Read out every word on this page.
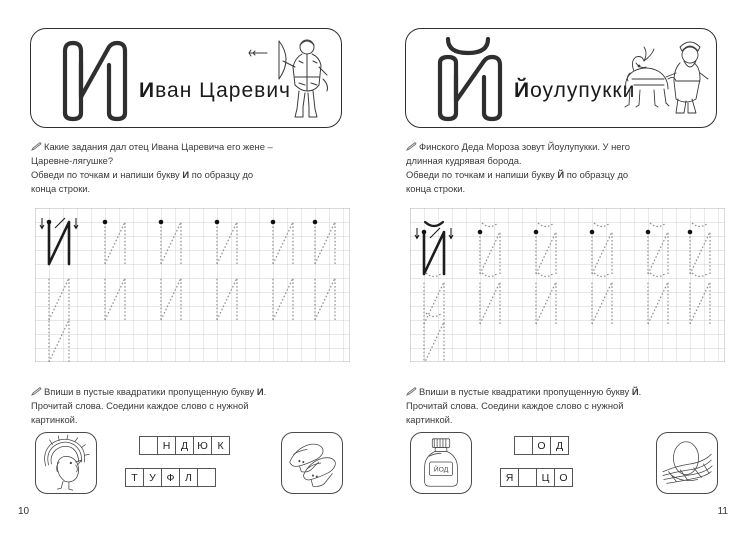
Иван Царевич

Какие задания дал отец Ивана Царевича его жене –

Царевне-лягушке?

Обведи по точкам и напиши букву И по образцу до

конца строки.

Впиши в пустые квадратики пропущенную букву И.

Прочитай слова. Соедини каждое слово с нужной

картинкой.

Н	Д Ю К
Т	У	Ф	Л
10
Йоулупукки

Финского Деда Мороза зовут Йоулупукки. У него

длинная кудрявая борода.

Обведи по точкам и напиши букву Й по образцу до

конца строки.

Впиши в пустые квадратики пропущенную букву Й.

Прочитай слова. Соедини каждое слово с нужной

картинкой.

ЙОД
О Д
Я	Ц О
11
